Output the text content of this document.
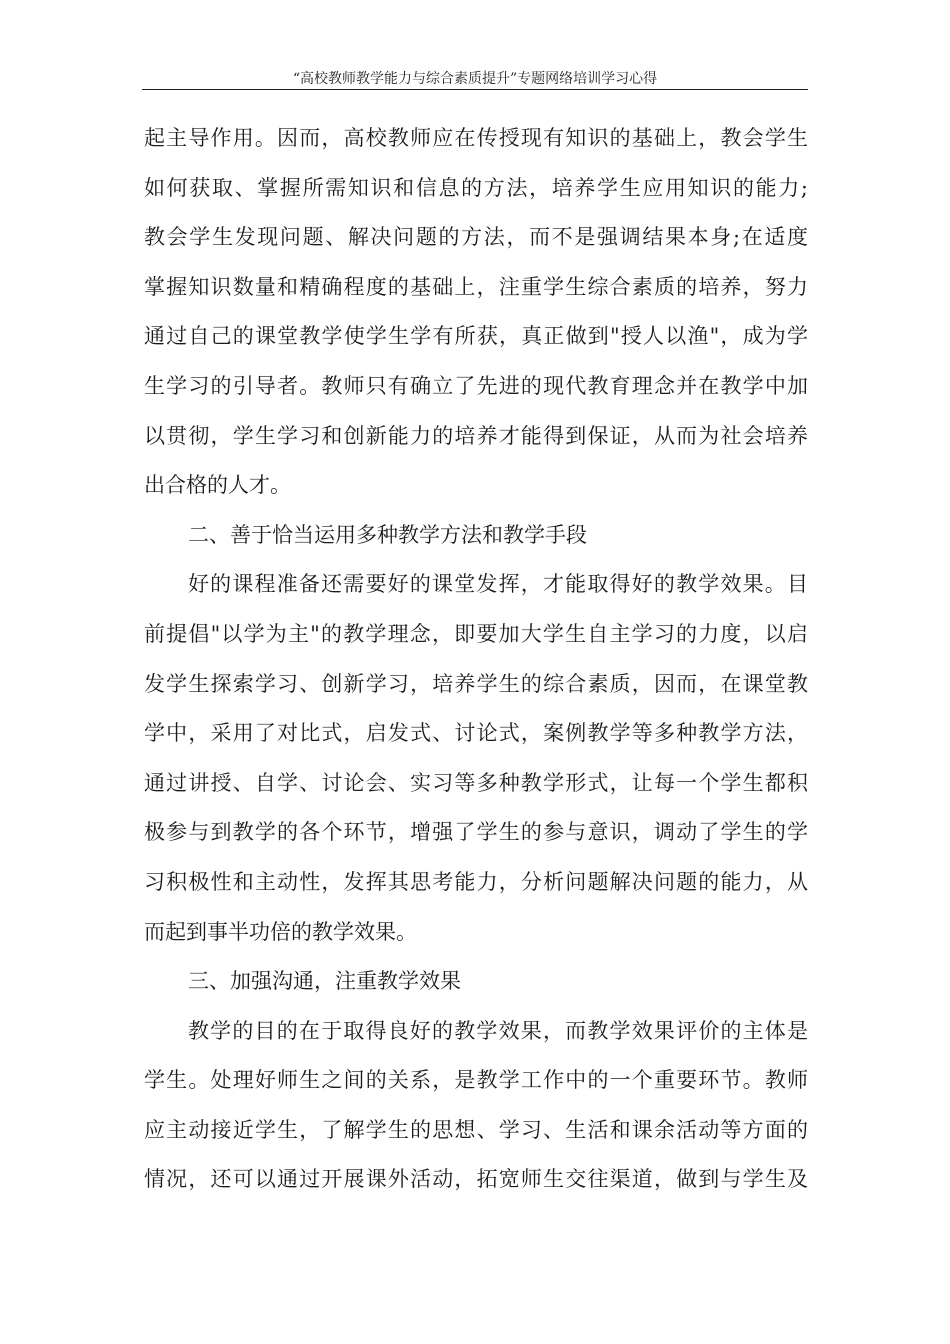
“高校教师教学能力与综合素质提升”专题网络培训学习心得
起主导作用。因而，高校教师应在传授现有知识的基础上，教会学生
如何获取、掌握所需知识和信息的方法，培养学生应用知识的能力;
教会学生发现问题、解决问题的方法，而不是强调结果本身;在适度
掌握知识数量和精确程度的基础上，注重学生综合素质的培养，努力
通过自己的课堂教学使学生学有所获，真正做到"授人以渔"，成为学
生学习的引导者。教师只有确立了先进的现代教育理念并在教学中加
以贯彻，学生学习和创新能力的培养才能得到保证，从而为社会培养
出合格的人才。
二、善于恰当运用多种教学方法和教学手段
好的课程准备还需要好的课堂发挥，才能取得好的教学效果。目
前提倡"以学为主"的教学理念，即要加大学生自主学习的力度，以启
发学生探索学习、创新学习，培养学生的综合素质，因而，在课堂教
学中，采用了对比式，启发式、讨论式，案例教学等多种教学方法，
通过讲授、自学、讨论会、实习等多种教学形式，让每一个学生都积
极参与到教学的各个环节，增强了学生的参与意识，调动了学生的学
习积极性和主动性，发挥其思考能力，分析问题解决问题的能力，从
而起到事半功倍的教学效果。
三、加强沟通，注重教学效果
教学的目的在于取得良好的教学效果，而教学效果评价的主体是
学生。处理好师生之间的关系，是教学工作中的一个重要环节。教师
应主动接近学生，了解学生的思想、学习、生活和课余活动等方面的
情况，还可以通过开展课外活动，拓宽师生交往渠道，做到与学生及
